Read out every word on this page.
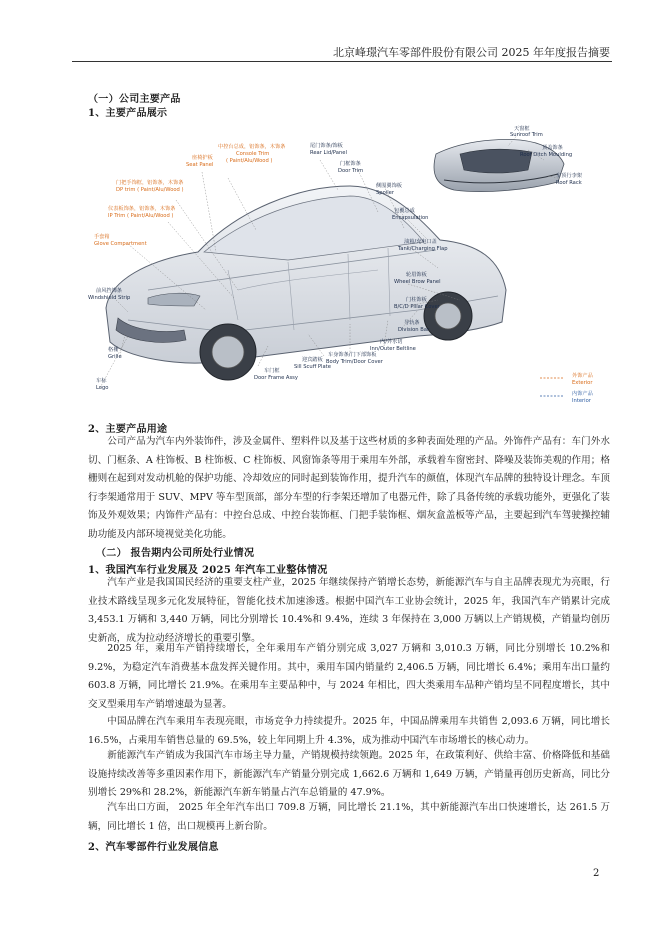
北京峰璟汽车零部件股份有限公司 2025 年年度报告摘要
（一）公司主要产品
1、主要产品展示
中控台总成，铝饰条，木饰条
Console Trim
( Paint/Alu/Wood )
座椅护板
Seat Panel
门把手饰框，铝饰条，木饰条
DP trim ( Paint/Alu/Wood )
仪表板饰条，铝饰条，木饰条
IP Trim ( Paint/Alu/Wood )
手套箱
Glove Compartment
前风挡饰条
Windshield Strip
格栅
Grille
车标
Logo
尾门饰条/饰板
Rear Lid/Panel
门框饰条
Door Trim
侧围翼饰板
Spoiler
包覆总成
Encapsulation
油箱/充电口盖
Tank/Charging Flap
轮眉饰板
Wheel Brow Panel
门柱饰板
B/C/D Pillar Cover
导轨条
Division Bar
内/外水切
Inn/Outer Beltline
车身饰条/门下部饰板
Body Trim/Door Cover
迎宾踏板
Sill Scuff Plate
车门框
Door Frame Assy
天窗框
Sunroof Trim
顶盖饰条
Roof Ditch Moulding
车顶行李架
Roof Rack
外饰产品
Exterior
内饰产品
Interior
2、主要产品用途

公司产品为汽车内外装饰件，涉及金属件、塑料件以及基于这些材质的多种表面处理的产品。外饰件产品有：车门外水切、门框条、A 柱饰板、B 柱饰板、C 柱饰板、风窗饰条等用于乘用车外部，承载着车窗密封、降噪及装饰美观的作用；格栅则在起到对发动机舱的保护功能、冷却效应的同时起到装饰作用，提升汽车的颜值，体现汽车品牌的独特设计理念。车顶行李架通常用于 SUV、MPV 等车型顶部，部分车型的行李架还增加了电器元件，除了具备传统的承载功能外，更强化了装饰及外观效果；内饰件产品有：中控台总成、中控台装饰框、门把手装饰框、烟灰盒盖板等产品，主要起到汽车驾驶操控辅助功能及内部环境视觉美化功能。

（二） 报告期内公司所处行业情况
1、我国汽车行业发展及 2025 年汽车工业整体情况

汽车产业是我国国民经济的重要支柱产业，2025 年继续保持产销增长态势，新能源汽车与自主品牌表现尤为亮眼，行业技术路线呈现多元化发展特征，智能化技术加速渗透。根据中国汽车工业协会统计，2025 年，我国汽车产销累计完成 3,453.1 万辆和 3,440 万辆，同比分别增长 10.4%和 9.4%，连续 3 年保持在 3,000 万辆以上产销规模，产销量均创历史新高，成为拉动经济增长的重要引擎。

2025 年，乘用车产销持续增长，全年乘用车产销分别完成 3,027 万辆和 3,010.3 万辆，同比分别增长 10.2%和 9.2%，为稳定汽车消费基本盘发挥关键作用。其中，乘用车国内销量约 2,406.5 万辆，同比增长 6.4%；乘用车出口量约 603.8 万辆，同比增长 21.9%。在乘用车主要品种中，与 2024 年相比，四大类乘用车品种产销均呈不同程度增长，其中交叉型乘用车产销增速最为显著。

中国品牌在汽车乘用车表现亮眼，市场竞争力持续提升。2025 年，中国品牌乘用车共销售 2,093.6 万辆，同比增长 16.5%，占乘用车销售总量的 69.5%，较上年同期上升 4.3%，成为推动中国汽车市场增长的核心动力。

新能源汽车产销成为我国汽车市场主导力量，产销规模持续领跑。2025 年，在政策利好、供给丰富、价格降低和基础设施持续改善等多重因素作用下，新能源汽车产销量分别完成 1,662.6 万辆和 1,649 万辆，产销量再创历史新高，同比分别增长 29%和 28.2%，新能源汽车新车销量占汽车总销量的 47.9%。

汽车出口方面， 2025 年全年汽车出口 709.8 万辆，同比增长 21.1%，其中新能源汽车出口快速增长，达 261.5 万辆，同比增长 1 倍，出口规模再上新台阶。

2、汽车零部件行业发展信息
2
